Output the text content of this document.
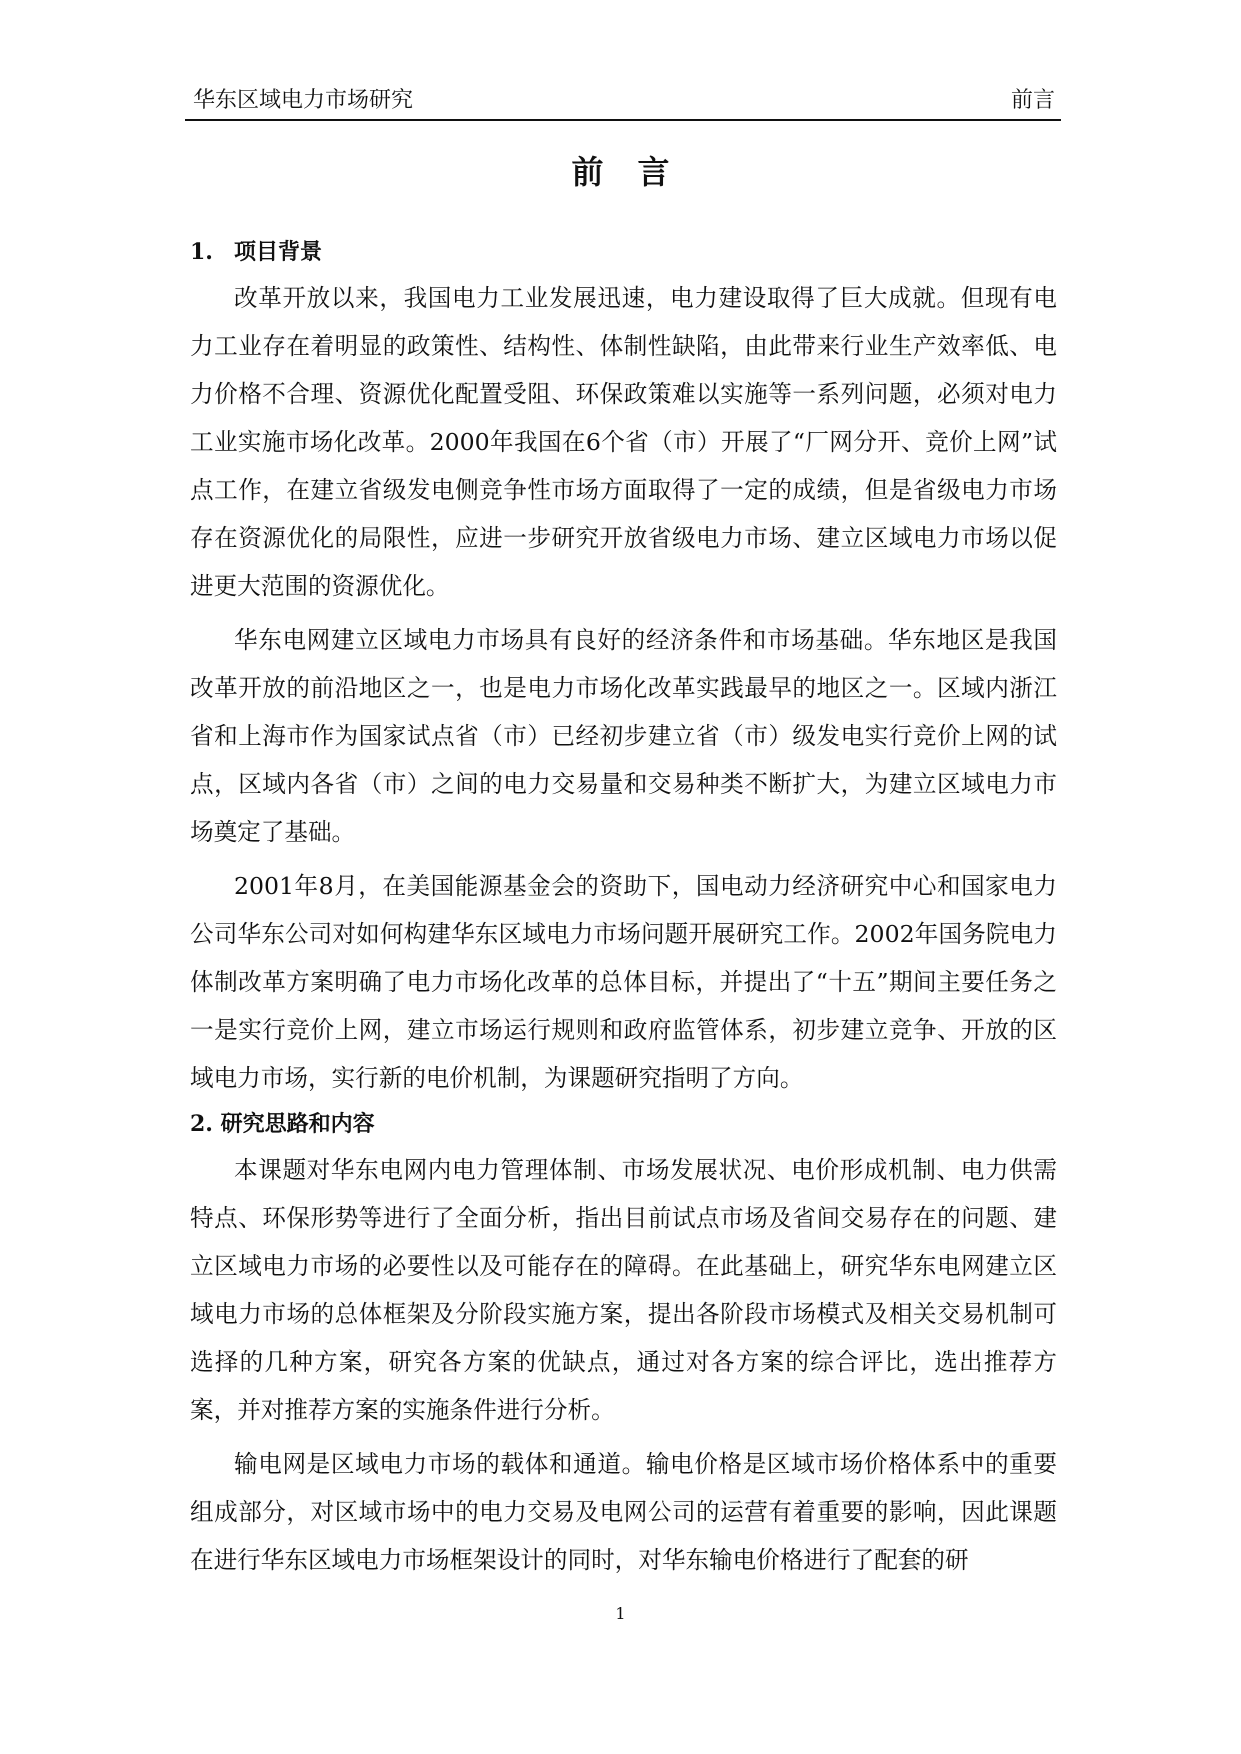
华东区域电力市场研究	前言
前言

1. 项目背景

改革开放以来，我国电力工业发展迅速，电力建设取得了巨大成就。但现有电力工业存在着明显的政策性、结构性、体制性缺陷，由此带来行业生产效率低、电力价格不合理、资源优化配置受阻、环保政策难以实施等一系列问题，必须对电力工业实施市场化改革。2000年我国在6个省（市）开展了“厂网分开、竞价上网”试点工作，在建立省级发电侧竞争性市场方面取得了一定的成绩，但是省级电力市场存在资源优化的局限性，应进一步研究开放省级电力市场、建立区域电力市场以促进更大范围的资源优化。

华东电网建立区域电力市场具有良好的经济条件和市场基础。华东地区是我国改革开放的前沿地区之一，也是电力市场化改革实践最早的地区之一。区域内浙江省和上海市作为国家试点省（市）已经初步建立省（市）级发电实行竞价上网的试点，区域内各省（市）之间的电力交易量和交易种类不断扩大，为建立区域电力市场奠定了基础。

2001年8月，在美国能源基金会的资助下，国电动力经济研究中心和国家电力公司华东公司对如何构建华东区域电力市场问题开展研究工作。2002年国务院电力体制改革方案明确了电力市场化改革的总体目标，并提出了“十五”期间主要任务之一是实行竞价上网，建立市场运行规则和政府监管体系，初步建立竞争、开放的区域电力市场，实行新的电价机制，为课题研究指明了方向。

2. 研究思路和内容

本课题对华东电网内电力管理体制、市场发展状况、电价形成机制、电力供需特点、环保形势等进行了全面分析，指出目前试点市场及省间交易存在的问题、建立区域电力市场的必要性以及可能存在的障碍。在此基础上，研究华东电网建立区域电力市场的总体框架及分阶段实施方案，提出各阶段市场模式及相关交易机制可选择的几种方案，研究各方案的优缺点，通过对各方案的综合评比，选出推荐方案，并对推荐方案的实施条件进行分析。

输电网是区域电力市场的载体和通道。输电价格是区域市场价格体系中的重要组成部分，对区域市场中的电力交易及电网公司的运营有着重要的影响，因此课题在进行华东区域电力市场框架设计的同时，对华东输电价格进行了配套的研

1
